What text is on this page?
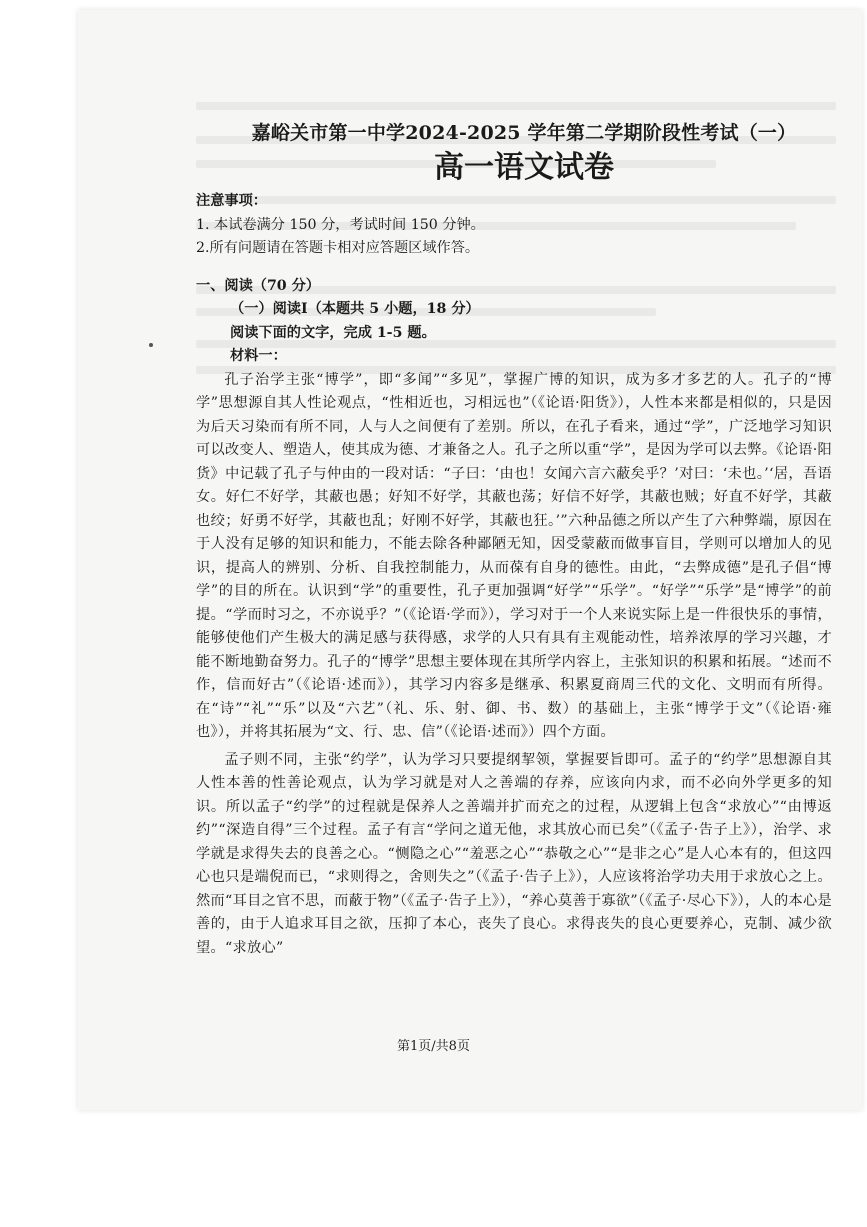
嘉峪关市第一中学2024-2025 学年第二学期阶段性考试（一）
高一语文试卷
注意事项：
1. 本试卷满分 150 分，考试时间 150 分钟。
2.所有问题请在答题卡相对应答题区域作答。
一、阅读（70 分）
（一）阅读Ⅰ（本题共 5 小题，18 分）
阅读下面的文字，完成 1-5 题。
材料一：

孔子治学主张“博学”，即“多闻”“多见”，掌握广博的知识，成为多才多艺的人。孔子的“博学”思想源自其人性论观点，“性相近也，习相远也”（《论语·阳货》），人性本来都是相似的，只是因为后天习染而有所不同，人与人之间便有了差别。所以，在孔子看来，通过“学”，广泛地学习知识可以改变人、塑造人，使其成为德、才兼备之人。孔子之所以重“学”，是因为学可以去弊。《论语·阳货》中记载了孔子与仲由的一段对话：“子曰：‘由也！女闻六言六蔽矣乎？’对曰：‘未也。’‘居，吾语女。好仁不好学，其蔽也愚；好知不好学，其蔽也荡；好信不好学，其蔽也贼；好直不好学，其蔽也绞；好勇不好学，其蔽也乱；好刚不好学，其蔽也狂。’”六种品德之所以产生了六种弊端，原因在于人没有足够的知识和能力，不能去除各种鄙陋无知，因受蒙蔽而做事盲目，学则可以增加人的见识，提高人的辨别、分析、自我控制能力，从而葆有自身的德性。由此，“去弊成德”是孔子倡“博学”的目的所在。认识到“学”的重要性，孔子更加强调“好学”“乐学”。“好学”“乐学”是“博学”的前提。“学而时习之，不亦说乎？”（《论语·学而》），学习对于一个人来说实际上是一件很快乐的事情，能够使他们产生极大的满足感与获得感，求学的人只有具有主观能动性，培养浓厚的学习兴趣，才能不断地勤奋努力。孔子的“博学”思想主要体现在其所学内容上，主张知识的积累和拓展。“述而不作，信而好古”（《论语·述而》），其学习内容多是继承、积累夏商周三代的文化、文明而有所得。在“诗”“礼”“乐”以及“六艺”（礼、乐、射、御、书、数）的基础上，主张“博学于文”（《论语·雍也》），并将其拓展为“文、行、忠、信”（《论语·述而》）四个方面。

孟子则不同，主张“约学”，认为学习只要提纲挈领，掌握要旨即可。孟子的“约学”思想源自其人性本善的性善论观点，认为学习就是对人之善端的存养，应该向内求，而不必向外学更多的知识。所以孟子“约学”的过程就是保养人之善端并扩而充之的过程，从逻辑上包含“求放心”“由博返约”“深造自得”三个过程。孟子有言“学问之道无他，求其放心而已矣”（《孟子·告子上》），治学、求学就是求得失去的良善之心。“恻隐之心”“羞恶之心”“恭敬之心”“是非之心”是人心本有的，但这四心也只是端倪而已，“求则得之，舍则失之”（《孟子·告子上》），人应该将治学功夫用于求放心之上。然而“耳目之官不思，而蔽于物”（《孟子·告子上》），“养心莫善于寡欲”（《孟子·尽心下》），人的本心是善的，由于人追求耳目之欲，压抑了本心，丧失了良心。求得丧失的良心更要养心，克制、减少欲望。“求放心”

第1页/共8页
